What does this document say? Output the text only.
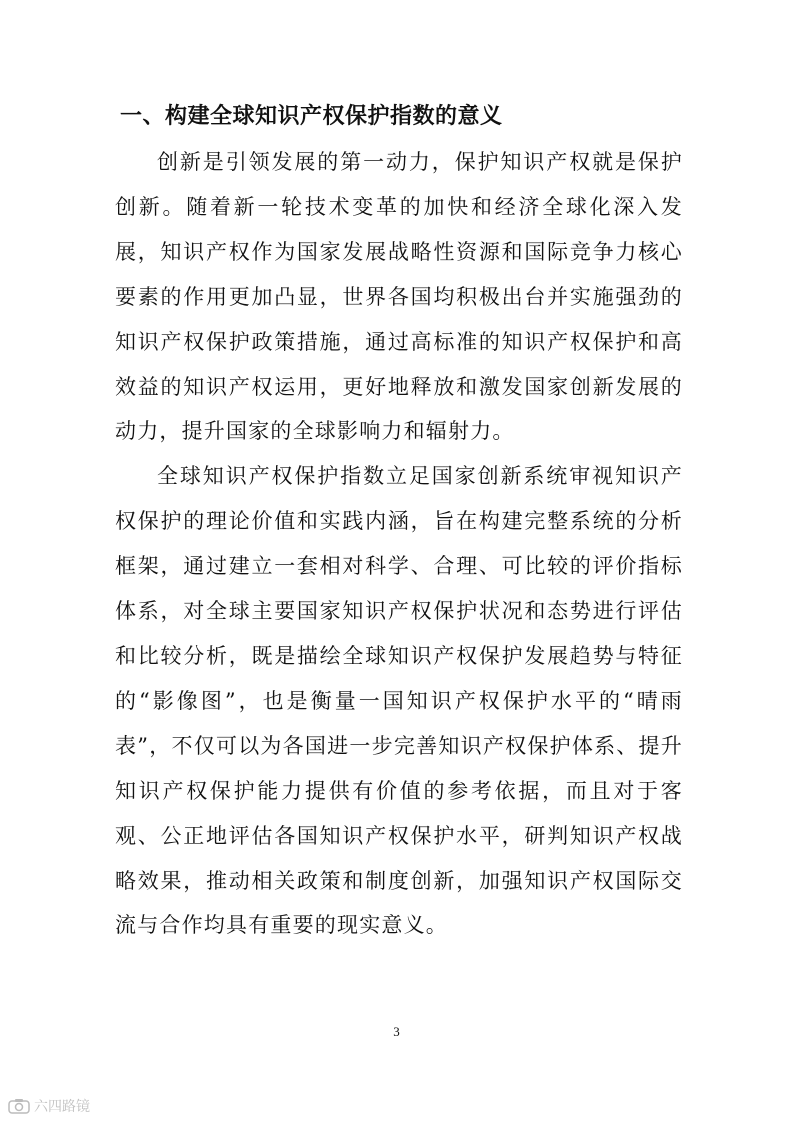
一、构建全球知识产权保护指数的意义

创新是引领发展的第一动力，保护知识产权就是保护创新。随着新一轮技术变革的加快和经济全球化深入发展，知识产权作为国家发展战略性资源和国际竞争力核心要素的作用更加凸显，世界各国均积极出台并实施强劲的知识产权保护政策措施，通过高标准的知识产权保护和高效益的知识产权运用，更好地释放和激发国家创新发展的动力，提升国家的全球影响力和辐射力。

全球知识产权保护指数立足国家创新系统审视知识产权保护的理论价值和实践内涵，旨在构建完整系统的分析框架，通过建立一套相对科学、合理、可比较的评价指标体系，对全球主要国家知识产权保护状况和态势进行评估和比较分析，既是描绘全球知识产权保护发展趋势与特征的“影像图”，也是衡量一国知识产权保护水平的“晴雨表”，不仅可以为各国进一步完善知识产权保护体系、提升知识产权保护能力提供有价值的参考依据，而且对于客观、公正地评估各国知识产权保护水平，研判知识产权战略效果，推动相关政策和制度创新，加强知识产权国际交流与合作均具有重要的现实意义。

3
六四路镜
